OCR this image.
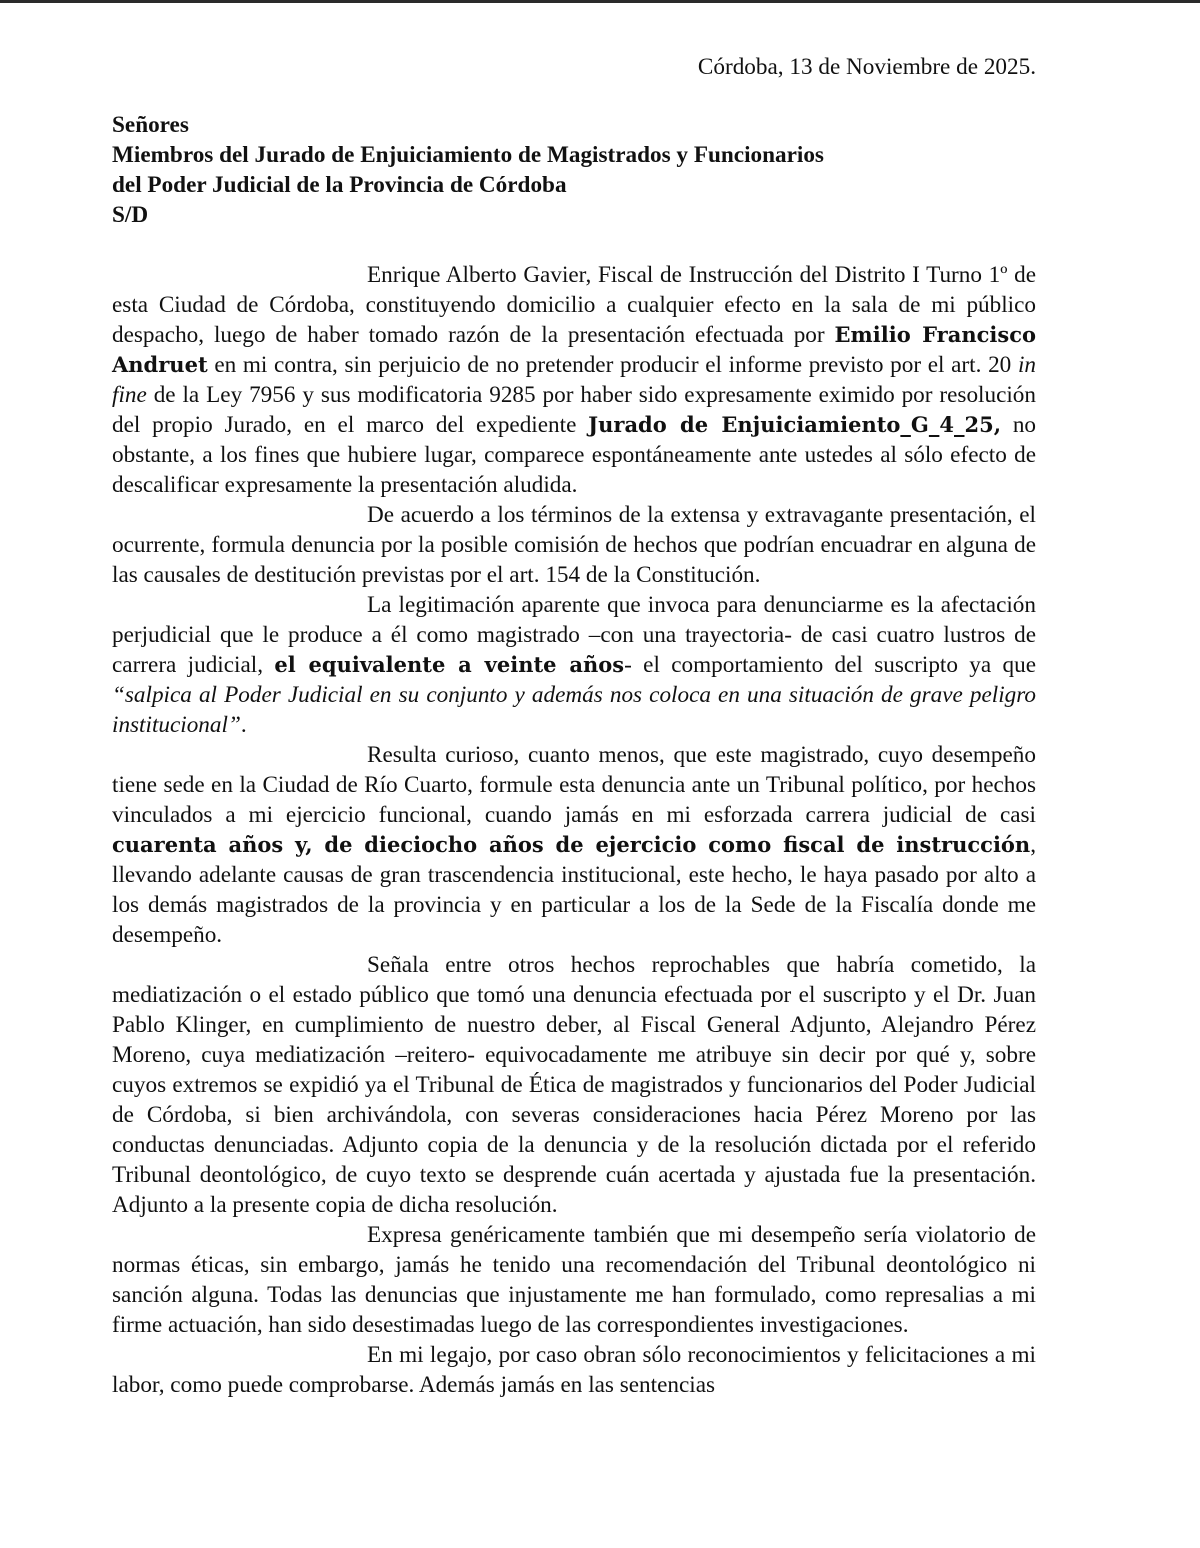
Córdoba, 13 de Noviembre de 2025.
Señores
Miembros del Jurado de Enjuiciamiento de Magistrados y Funcionarios
del Poder Judicial de la Provincia de Córdoba
S/D

Enrique Alberto Gavier, Fiscal de Instrucción del Distrito I Turno 1º de esta Ciudad de Córdoba, constituyendo domicilio a cualquier efecto en la sala de mi público despacho, luego de haber tomado razón de la presentación efectuada por Emilio Francisco Andruet en mi contra, sin perjuicio de no pretender producir el informe previsto por el art. 20 in fine de la Ley 7956 y sus modificatoria 9285 por haber sido expresamente eximido por resolución del propio Jurado, en el marco del expediente Jurado de Enjuiciamiento_G_4_25, no obstante, a los fines que hubiere lugar, comparece espontáneamente ante ustedes al sólo efecto de descalificar expresamente la presentación aludida.

De acuerdo a los términos de la extensa y extravagante presentación, el ocurrente, formula denuncia por la posible comisión de hechos que podrían encuadrar en alguna de las causales de destitución previstas por el art. 154 de la Constitución.

La legitimación aparente que invoca para denunciarme es la afectación perjudicial que le produce a él como magistrado –con una trayectoria- de casi cuatro lustros de carrera judicial, el equivalente a veinte años- el comportamiento del suscripto ya que “salpica al Poder Judicial en su conjunto y además nos coloca en una situación de grave peligro institucional”.

Resulta curioso, cuanto menos, que este magistrado, cuyo desempeño tiene sede en la Ciudad de Río Cuarto, formule esta denuncia ante un Tribunal político, por hechos vinculados a mi ejercicio funcional, cuando jamás en mi esforzada carrera judicial de casi cuarenta años y, de dieciocho años de ejercicio como fiscal de instrucción, llevando adelante causas de gran trascendencia institucional, este hecho, le haya pasado por alto a los demás magistrados de la provincia y en particular a los de la Sede de la Fiscalía donde me desempeño.

Señala entre otros hechos reprochables que habría cometido, la mediatización o el estado público que tomó una denuncia efectuada por el suscripto y el Dr. Juan Pablo Klinger, en cumplimiento de nuestro deber, al Fiscal General Adjunto, Alejandro Pérez Moreno, cuya mediatización –reitero- equivocadamente me atribuye sin decir por qué y, sobre cuyos extremos se expidió ya el Tribunal de Ética de magistrados y funcionarios del Poder Judicial de Córdoba, si bien archivándola, con severas consideraciones hacia Pérez Moreno por las conductas denunciadas. Adjunto copia de la denuncia y de la resolución dictada por el referido Tribunal deontológico, de cuyo texto se desprende cuán acertada y ajustada fue la presentación. Adjunto a la presente copia de dicha resolución.

Expresa genéricamente también que mi desempeño sería violatorio de normas éticas, sin embargo, jamás he tenido una recomendación del Tribunal deontológico ni sanción alguna. Todas las denuncias que injustamente me han formulado, como represalias a mi firme actuación, han sido desestimadas luego de las correspondientes investigaciones.

En mi legajo, por caso obran sólo reconocimientos y felicitaciones a mi labor, como puede comprobarse. Además jamás en las sentencias
